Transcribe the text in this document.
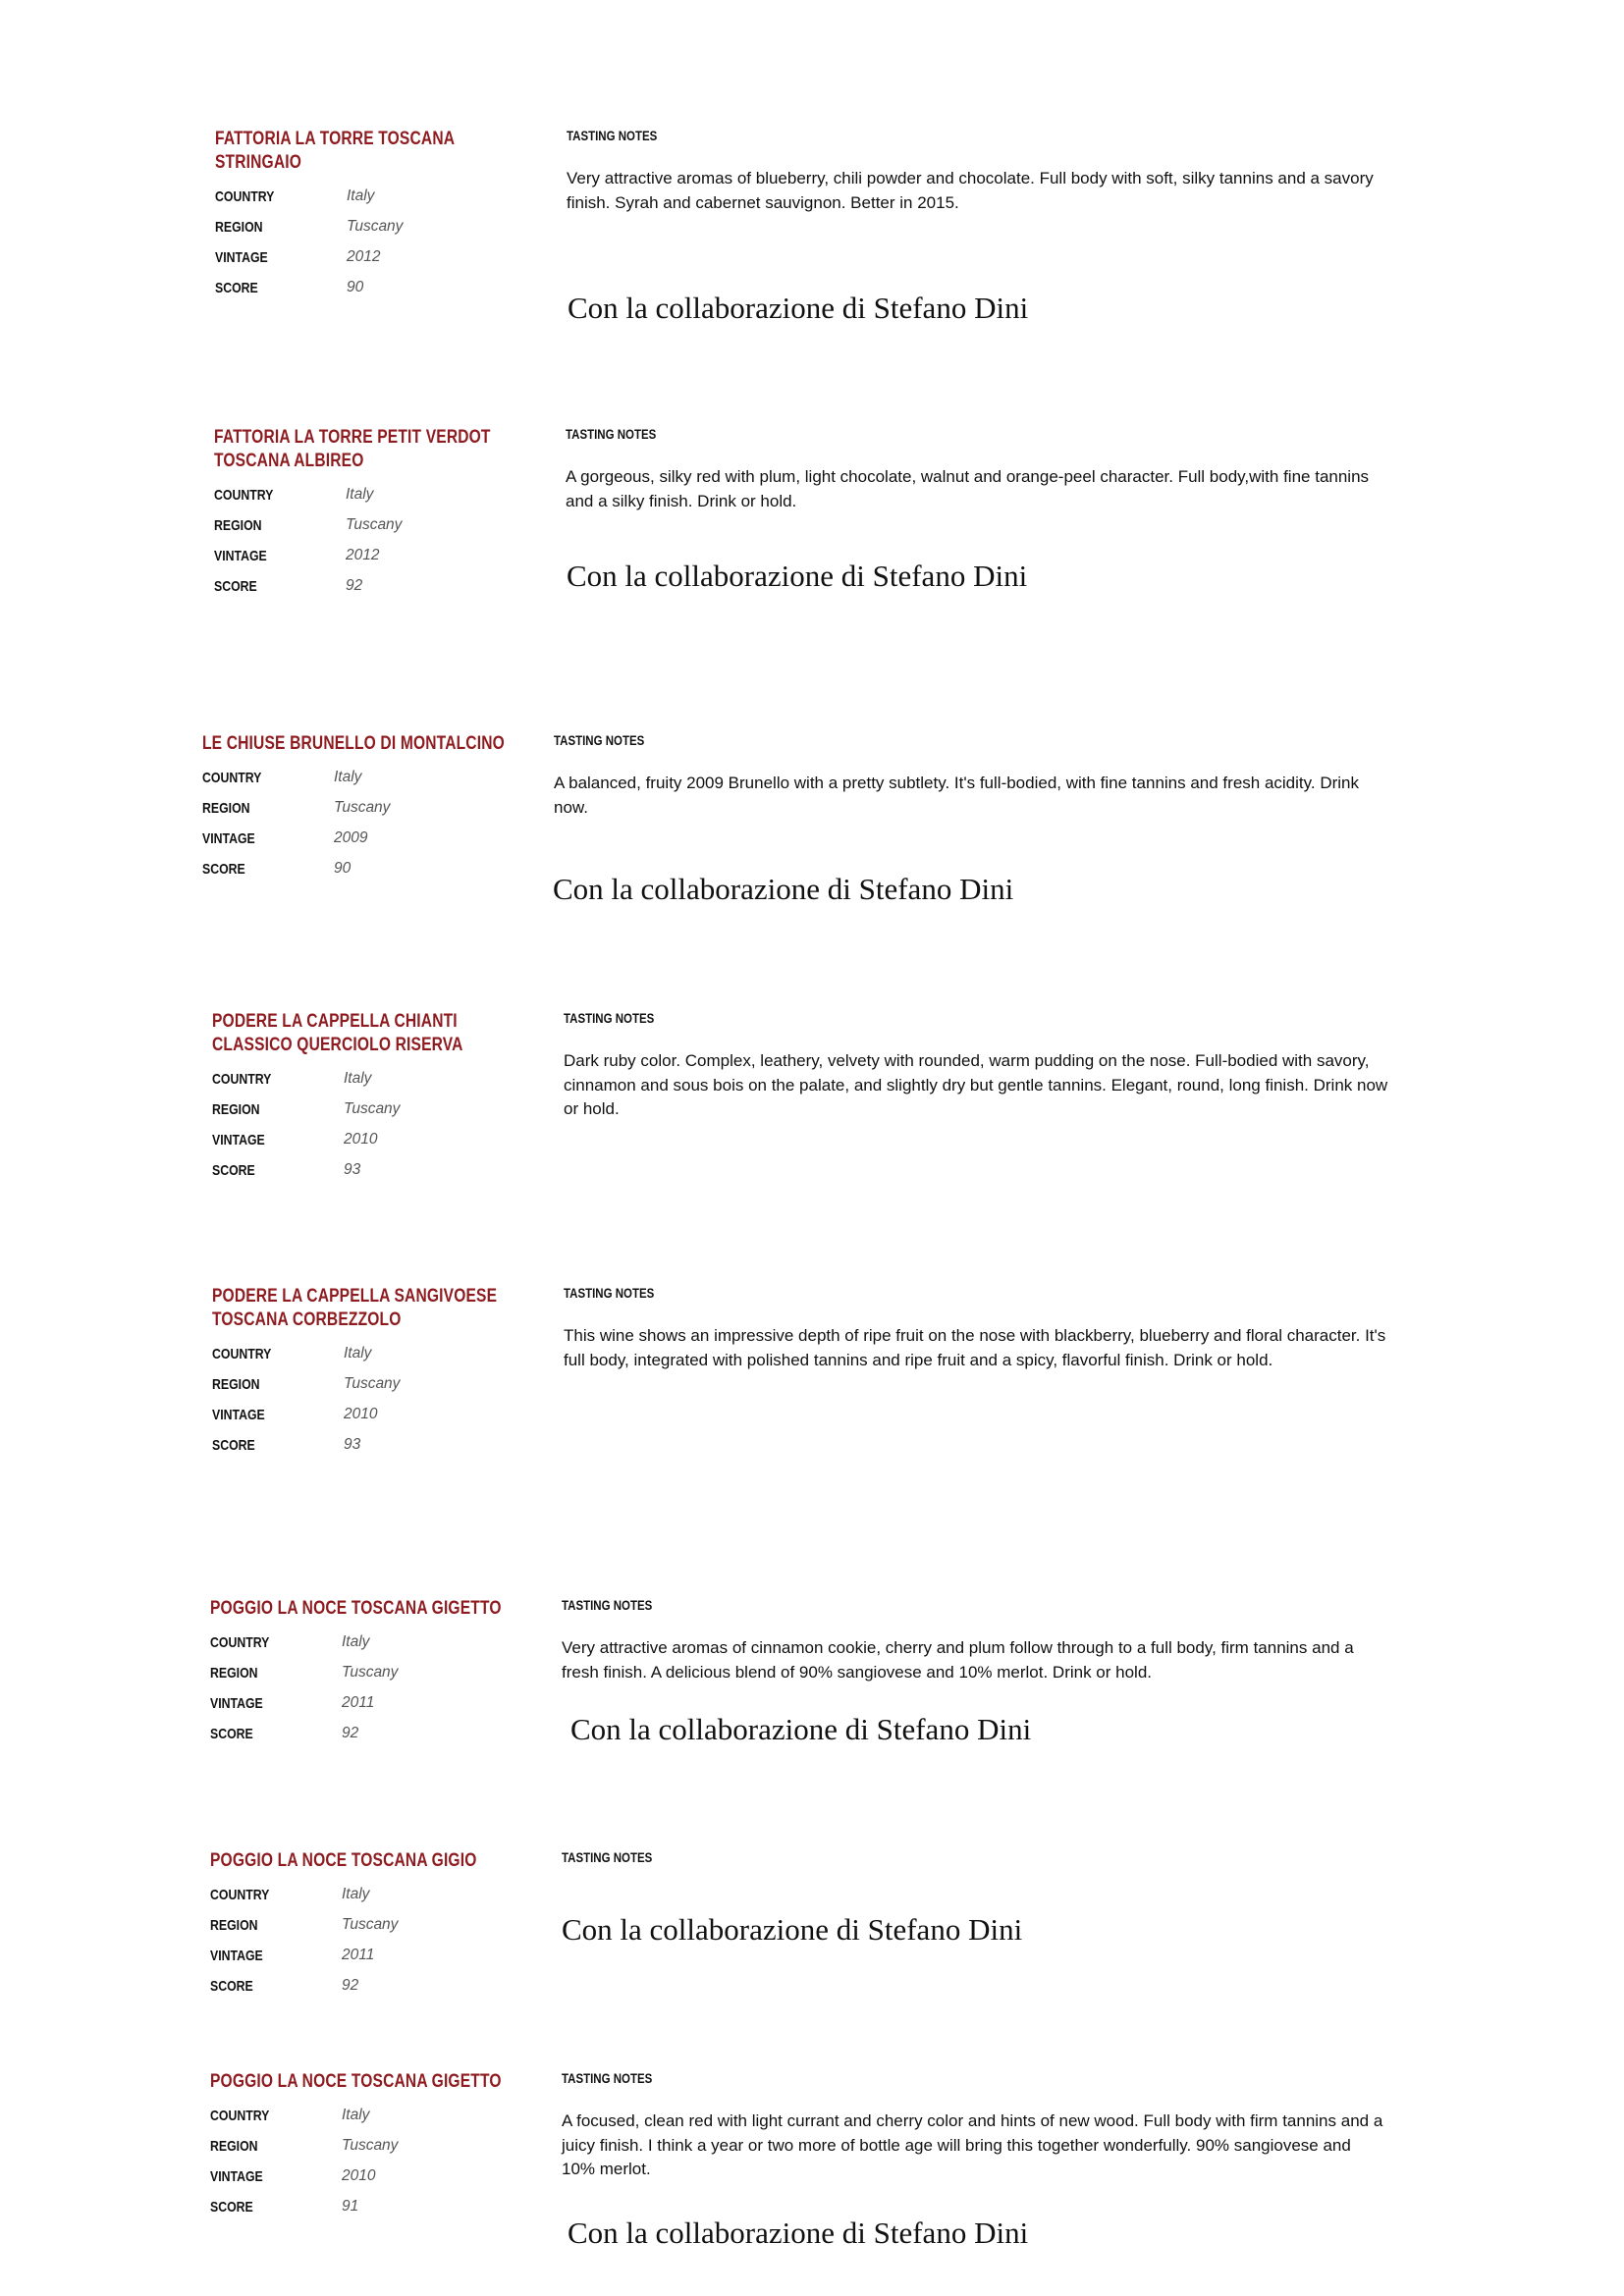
FATTORIA LA TORRE TOSCANA STRINGAIO
COUNTRY	Italy
REGION	Tuscany
VINTAGE	2012
SCORE	90
TASTING NOTES
Very attractive aromas of blueberry, chili powder and chocolate. Full body with soft, silky tannins and a savory finish. Syrah and cabernet sauvignon. Better in 2015.
Con la collaborazione di Stefano Dini
FATTORIA LA TORRE PETIT VERDOT TOSCANA ALBIREO
COUNTRY	Italy
REGION	Tuscany
VINTAGE	2012
SCORE	92
TASTING NOTES
A gorgeous, silky red with plum, light chocolate, walnut and orange-peel character. Full body,with fine tannins and a silky finish. Drink or hold.
Con la collaborazione di Stefano Dini
LE CHIUSE BRUNELLO DI MONTALCINO
COUNTRY	Italy
REGION	Tuscany
VINTAGE	2009
SCORE	90
TASTING NOTES
A balanced, fruity 2009 Brunello with a pretty subtlety. It's full-bodied, with fine tannins and fresh acidity. Drink now.
Con la collaborazione di Stefano Dini
PODERE LA CAPPELLA CHIANTI CLASSICO QUERCIOLO RISERVA
COUNTRY	Italy
REGION	Tuscany
VINTAGE	2010
SCORE	93
TASTING NOTES
Dark ruby color. Complex, leathery, velvety with rounded, warm pudding on the nose. Full-bodied with savory, cinnamon and sous bois on the palate, and slightly dry but gentle tannins. Elegant, round, long finish. Drink now or hold.
PODERE LA CAPPELLA SANGIVOESE TOSCANA CORBEZZOLO
COUNTRY	Italy
REGION	Tuscany
VINTAGE	2010
SCORE	93
TASTING NOTES
This wine shows an impressive depth of ripe fruit on the nose with blackberry, blueberry and floral character. It's full body, integrated with polished tannins and ripe fruit and a spicy, flavorful finish. Drink or hold.
POGGIO LA NOCE TOSCANA GIGETTO
COUNTRY	Italy
REGION	Tuscany
VINTAGE	2011
SCORE	92
TASTING NOTES
Very attractive aromas of cinnamon cookie, cherry and plum follow through to a full body, firm tannins and a fresh finish. A delicious blend of 90% sangiovese and 10% merlot. Drink or hold.
Con la collaborazione di Stefano Dini
POGGIO LA NOCE TOSCANA GIGIO
COUNTRY	Italy
REGION	Tuscany
VINTAGE	2011
SCORE	92
TASTING NOTES
Con la collaborazione di Stefano Dini
POGGIO LA NOCE TOSCANA GIGETTO
COUNTRY	Italy
REGION	Tuscany
VINTAGE	2010
SCORE	91
TASTING NOTES
A focused, clean red with light currant and cherry color and hints of new wood. Full body with firm tannins and a juicy finish. I think a year or two more of bottle age will bring this together wonderfully. 90% sangiovese and 10% merlot.
Con la collaborazione di Stefano Dini
